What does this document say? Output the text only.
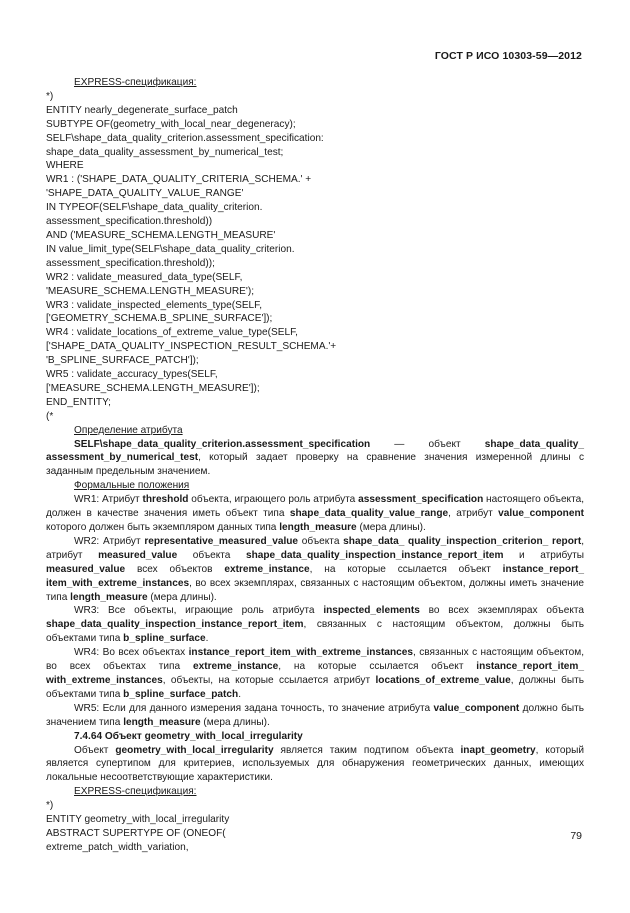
ГОСТ Р ИСО 10303-59—2012
EXPRESS-спецификация:
*)
ENTITY nearly_degenerate_surface_patch
SUBTYPE OF(geometry_with_local_near_degeneracy);
SELF\shape_data_quality_criterion.assessment_specification:
shape_data_quality_assessment_by_numerical_test;
WHERE
WR1 : ('SHAPE_DATA_QUALITY_CRITERIA_SCHEMA.' +
'SHAPE_DATA_QUALITY_VALUE_RANGE'
IN TYPEOF(SELF\shape_data_quality_criterion.
assessment_specification.threshold))
AND ('MEASURE_SCHEMA.LENGTH_MEASURE'
IN value_limit_type(SELF\shape_data_quality_criterion.
assessment_specification.threshold));
WR2 : validate_measured_data_type(SELF,
'MEASURE_SCHEMA.LENGTH_MEASURE');
WR3 : validate_inspected_elements_type(SELF,
['GEOMETRY_SCHEMA.B_SPLINE_SURFACE']);
WR4 : validate_locations_of_extreme_value_type(SELF,
['SHAPE_DATA_QUALITY_INSPECTION_RESULT_SCHEMA.'+
'B_SPLINE_SURFACE_PATCH']);
WR5 : validate_accuracy_types(SELF,
['MEASURE_SCHEMA.LENGTH_MEASURE']);
END_ENTITY;
(*
Определение атрибута
SELF\shape_data_quality_criterion.assessment_specification — объект shape_data_quality_ assessment_by_numerical_test, который задает проверку на сравнение значения измеренной длины с заданным предельным значением.
Формальные положения
WR1: Атрибут threshold объекта, играющего роль атрибута assessment_specification настоящего объекта, должен в качестве значения иметь объект типа shape_data_quality_value_range, атрибут value_component которого должен быть экземпляром данных типа length_measure (мера длины).
WR2: Атрибут representative_measured_value объекта shape_data_ quality_inspection_criterion_ report, атрибут measured_value объекта shape_data_quality_inspection_instance_report_item и атрибуты measured_value всех объектов extreme_instance, на которые ссылается объект instance_report_ item_with_extreme_instances, во всех экземплярах, связанных с настоящим объектом, должны иметь значение типа length_measure (мера длины).
WR3: Все объекты, играющие роль атрибута inspected_elements во всех экземплярах объекта shape_data_quality_inspection_instance_report_item, связанных с настоящим объектом, должны быть объектами типа b_spline_surface.
WR4: Во всех объектах instance_report_item_with_extreme_instances, связанных с настоящим объектом, во всех объектах типа extreme_instance, на которые ссылается объект instance_report_item_ with_extreme_instances, объекты, на которые ссылается атрибут locations_of_extreme_value, должны быть объектами типа b_spline_surface_patch.
WR5: Если для данного измерения задана точность, то значение атрибута value_component должно быть значением типа length_measure (мера длины).
7.4.64 Объект geometry_with_local_irregularity
Объект geometry_with_local_irregularity является таким подтипом объекта inapt_geometry, который является супертипом для критериев, используемых для обнаружения геометрических данных, имеющих локальные несоответствующие характеристики.
EXPRESS-спецификация:
*)
ENTITY geometry_with_local_irregularity
ABSTRACT SUPERTYPE OF (ONEOF(
extreme_patch_width_variation,
79
